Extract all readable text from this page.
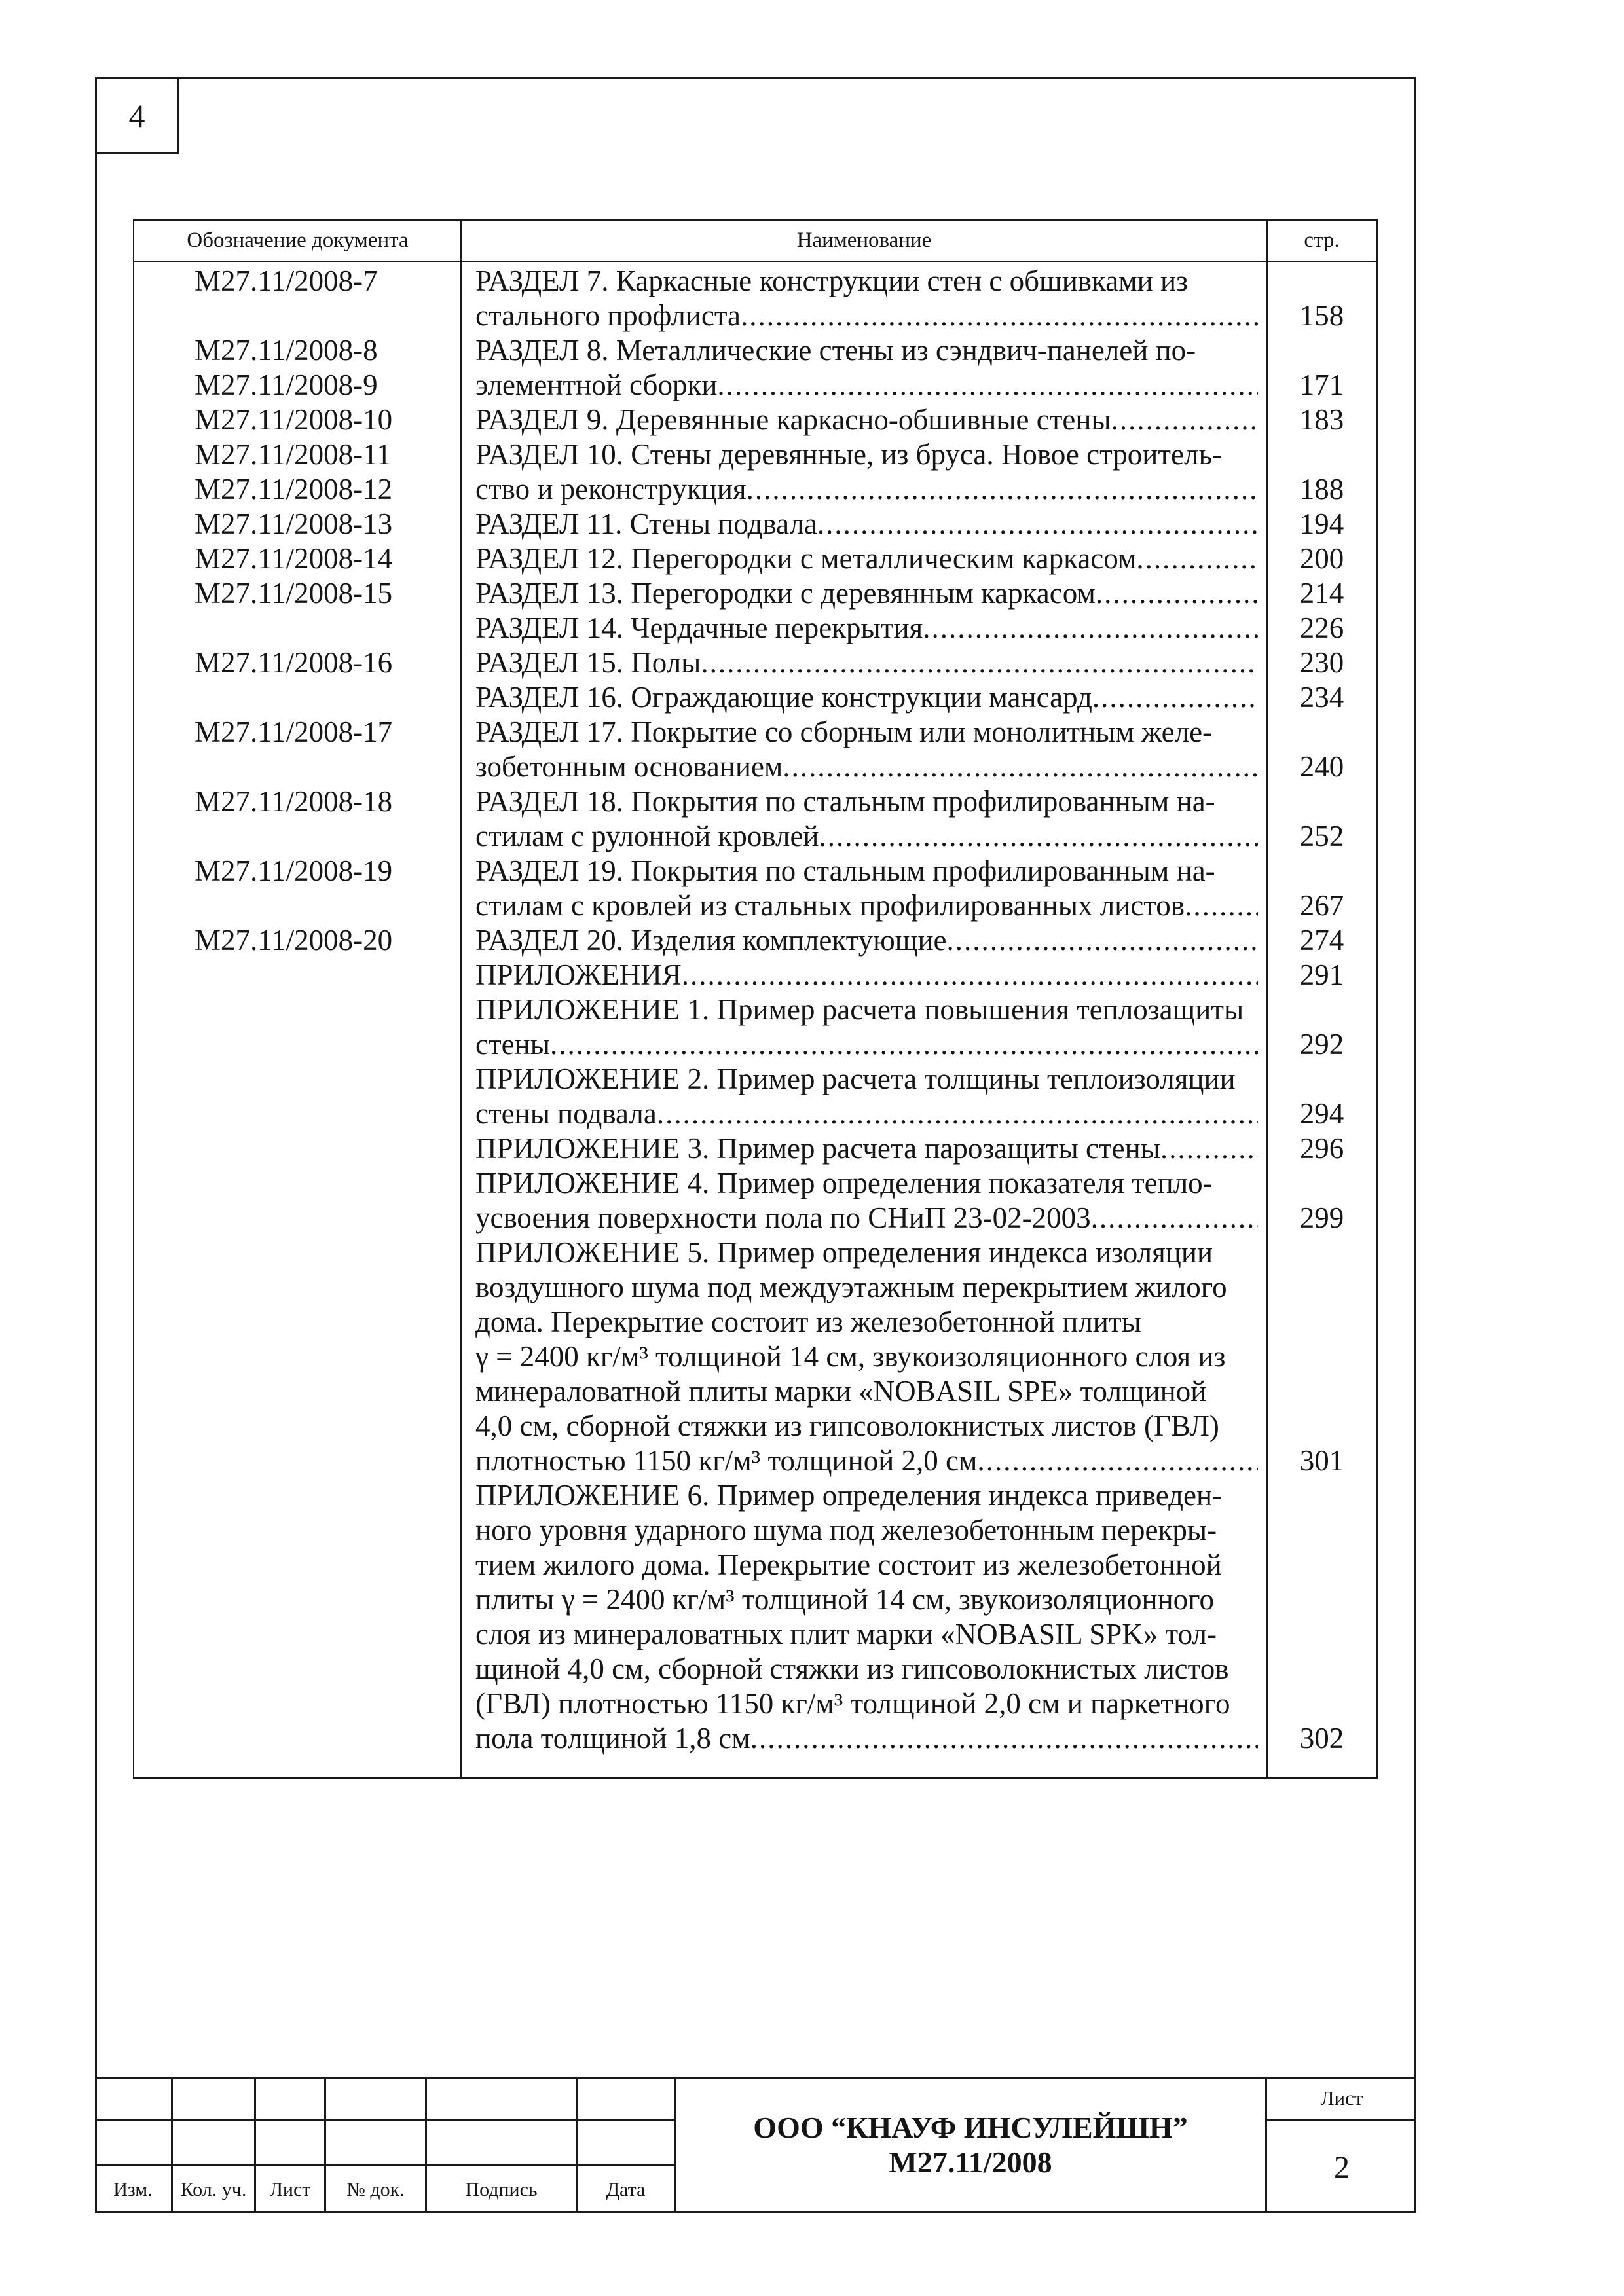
4
Обозначение документа	Наименование	стр.
М27.11/2008-7	РАЗДЕЛ 7. Каркасные конструкции стен с обшивками из
стального профлиста .....	158
М27.11/2008-8	РАЗДЕЛ 8. Металлические стены из сэндвич-панелей по-
М27.11/2008-9	элементной сборки .....	171
М27.11/2008-10	РАЗДЕЛ 9. Деревянные каркасно-обшивные стены .....	183
М27.11/2008-11	РАЗДЕЛ 10. Стены деревянные, из бруса. Новое строитель-
М27.11/2008-12	ство и реконструкция .....	188
М27.11/2008-13	РАЗДЕЛ 11. Стены подвала .....	194
М27.11/2008-14	РАЗДЕЛ 12. Перегородки с металлическим каркасом .....	200
М27.11/2008-15	РАЗДЕЛ 13. Перегородки с деревянным каркасом .....	214
РАЗДЕЛ 14. Чердачные перекрытия .....	226
М27.11/2008-16	РАЗДЕЛ 15. Полы .....	230
РАЗДЕЛ 16. Ограждающие конструкции мансард .....	234
М27.11/2008-17	РАЗДЕЛ 17. Покрытие со сборным или монолитным желе-
зобетонным основанием .....	240
М27.11/2008-18	РАЗДЕЛ 18. Покрытия по стальным профилированным на-
стилам с рулонной кровлей .....	252
М27.11/2008-19	РАЗДЕЛ 19. Покрытия по стальным профилированным на-
стилам с кровлей из стальных профилированных листов .....	267
М27.11/2008-20	РАЗДЕЛ 20. Изделия комплектующие .....	274
ПРИЛОЖЕНИЯ .....	291
ПРИЛОЖЕНИЕ 1. Пример расчета повышения теплозащиты
стены .....	292
ПРИЛОЖЕНИЕ 2. Пример расчета толщины теплоизоляции
стены подвала .....	294
ПРИЛОЖЕНИЕ 3. Пример расчета парозащиты стены .....	296
ПРИЛОЖЕНИЕ 4. Пример определения показателя тепло-
усвоения поверхности пола по СНиП 23-02-2003 .....	299
ПРИЛОЖЕНИЕ 5. Пример определения индекса изоляции
воздушного шума под междуэтажным перекрытием жилого
дома. Перекрытие состоит из железобетонной плиты
γ = 2400 кг/м³ толщиной 14 см, звукоизоляционного слоя из
минераловатной плиты марки «NOBASIL SPE» толщиной
4,0 см, сборной стяжки из гипсоволокнистых листов (ГВЛ)
плотностью 1150 кг/м³ толщиной 2,0 см .....	301
ПРИЛОЖЕНИЕ 6. Пример определения индекса приведен-
ного уровня ударного шума под железобетонным перекры-
тием жилого дома. Перекрытие состоит из железобетонной
плиты γ = 2400 кг/м³ толщиной 14 см, звукоизоляционного
слоя из минераловатных плит марки «NOBASIL SPK» тол-
щиной 4,0 см, сборной стяжки из гипсоволокнистых листов
(ГВЛ) плотностью 1150 кг/м³ толщиной 2,0 см и паркетного
пола толщиной 1,8 см .....	302
Изм.	Кол. уч.	Лист	№ док.	Подпись	Дата
ООО “КНАУФ ИНСУЛЕЙШН”
М27.11/2008
Лист
2
